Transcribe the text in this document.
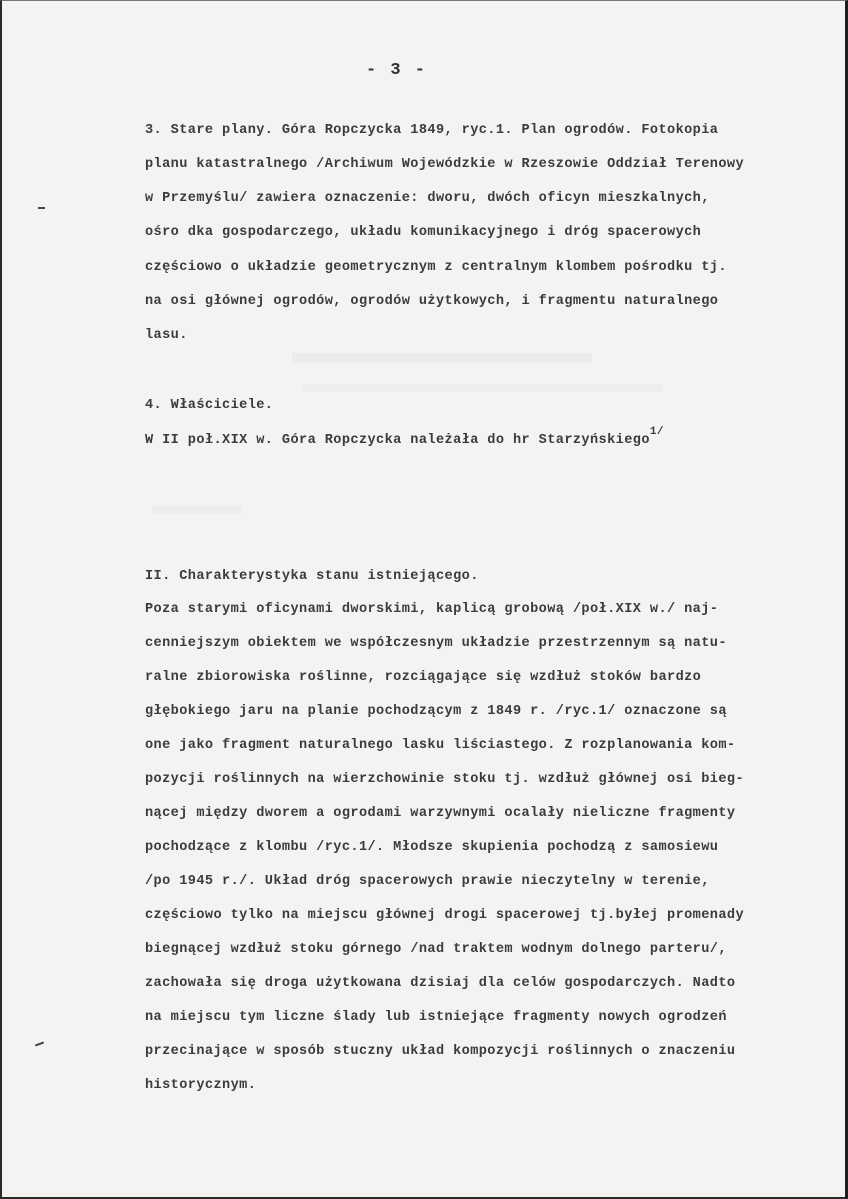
- 3 -
3. Stare plany. Góra Ropczycka 1849, ryc.1. Plan ogrodów. Fotokopia
planu katastralnego /Archiwum Wojewódzkie w Rzeszowie Oddział Terenowy
w Przemyślu/ zawiera oznaczenie: dworu, dwóch oficyn mieszkalnych,
ośro dka gospodarczego, układu komunikacyjnego i dróg spacerowych
częściowo o układzie geometrycznym z centralnym klombem pośrodku tj.
na osi głównej ogrodów, ogrodów użytkowych, i fragmentu naturalnego
lasu.
4. Właściciele.
W II poł.XIX w. Góra Ropczycka należała do hr Starzyńskiego$^{1/}$
II. Charakterystyka stanu istniejącego.
Poza starymi oficynami dworskimi, kaplicą grobową /poł.XIX w./ naj-
cenniejszym obiektem we współczesnym układzie przestrzennym są natu-
ralne zbiorowiska roślinne, rozciągające się wzdłuż stoków bardzo
głębokiego jaru na planie pochodzącym z 1849 r. /ryc.1/ oznaczone są
one jako fragment naturalnego lasku liściastego. Z rozplanowania kom-
pozycji roślinnych na wierzchowinie stoku tj. wzdłuż głównej osi bieg-
nącej między dworem a ogrodami warzywnymi ocalały nieliczne fragmenty
pochodzące z klombu /ryc.1/. Młodsze skupienia pochodzą z samosiewu
/po 1945 r./. Układ dróg spacerowych prawie nieczytelny w terenie,
częściowo tylko na miejscu głównej drogi spacerowej tj.byłej promenady
biegnącej wzdłuż stoku górnego /nad traktem wodnym dolnego parteru/,
zachowała się droga użytkowana dzisiaj dla celów gospodarczych. Nadto
na miejscu tym liczne ślady lub istniejące fragmenty nowych ogrodzeń
przecinające w sposób stuczny układ kompozycji roślinnych o znaczeniu
historycznym.
